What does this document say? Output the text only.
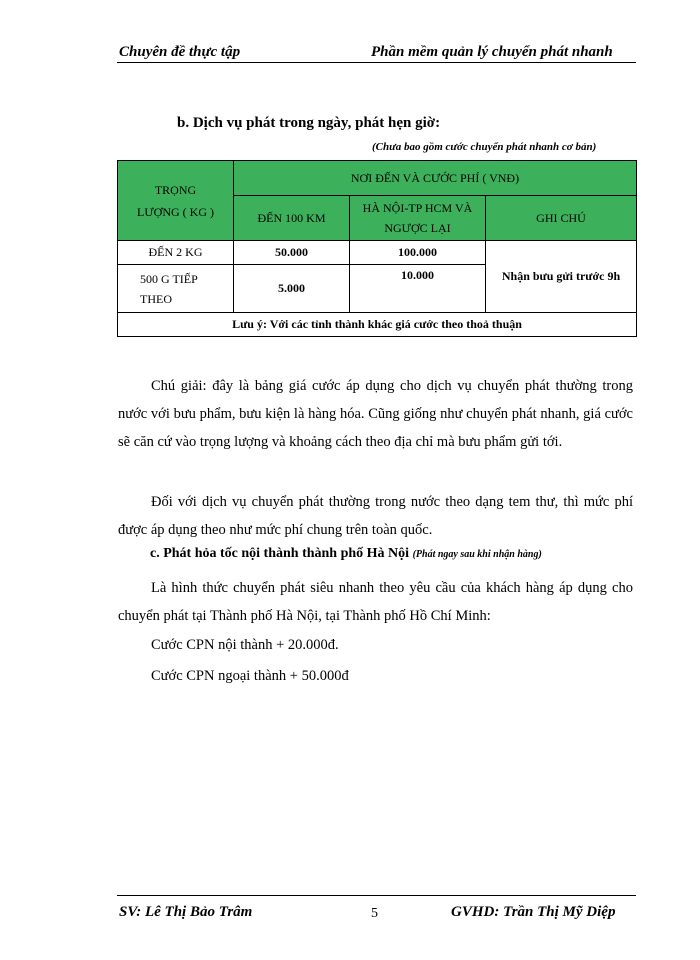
Chuyên đề thực tập	Phần mềm quản lý chuyển phát nhanh
b. Dịch vụ phát trong ngày, phát hẹn giờ:
(Chưa bao gồm cước chuyển phát nhanh cơ bản)
TRỌNG LƯỢNG ( KG )	NƠI ĐẾN VÀ CƯỚC PHÍ ( VNĐ)		
	ĐẾN 100 KM	HÀ NỘI-TP HCM VÀ NGƯỢC LẠI	GHI CHÚ
ĐẾN 2 KG	50.000	100.000	Nhận bưu gửi trước 9h
500 G TIẾP THEO	5.000	10.000	
Lưu ý: Với các tỉnh thành khác giá cước theo thoả thuận			
Chú giải: đây là bảng giá cước áp dụng cho dịch vụ chuyển phát thường trong nước với bưu phẩm, bưu kiện là hàng hóa. Cũng giống như chuyển phát nhanh, giá cước sẽ căn cứ vào trọng lượng và khoảng cách theo địa chỉ mà bưu phẩm gửi tới.
Đối với dịch vụ chuyển phát thường trong nước theo dạng tem thư, thì mức phí được áp dụng theo như mức phí chung trên toàn quốc.
c. Phát hỏa tốc nội thành thành phố Hà Nội (Phát ngay sau khi nhận hàng)
Là hình thức chuyển phát siêu nhanh theo yêu cầu của khách hàng áp dụng cho chuyển phát tại Thành phố Hà Nội, tại Thành phố Hồ Chí Minh:
Cước CPN nội thành + 20.000đ.
Cước CPN ngoại thành + 50.000đ
SV: Lê Thị Bảo Trâm	5	GVHD: Trần Thị Mỹ Diệp
